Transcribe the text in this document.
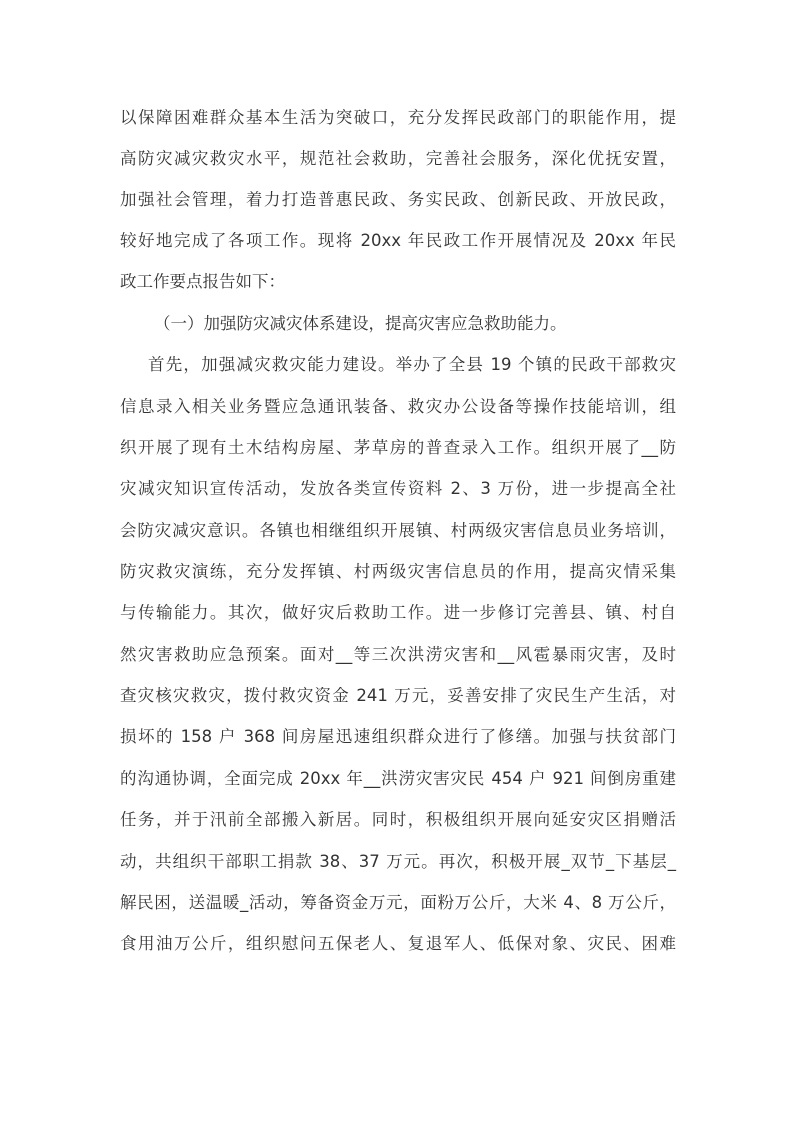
以保障困难群众基本生活为突破口，充分发挥民政部门的职能作用，提
高防灾减灾救灾水平，规范社会救助，完善社会服务，深化优抚安置，
加强社会管理，着力打造普惠民政、务实民政、创新民政、开放民政，
较好地完成了各项工作。现将 20xx 年民政工作开展情况及 20xx 年民
政工作要点报告如下：
（一）加强防灾减灾体系建设，提高灾害应急救助能力。
首先，加强减灾救灾能力建设。举办了全县 19 个镇的民政干部救灾
信息录入相关业务暨应急通讯装备、救灾办公设备等操作技能培训，组
织开展了现有土木结构房屋、茅草房的普查录入工作。组织开展了__防
灾减灾知识宣传活动，发放各类宣传资料 2、3 万份，进一步提高全社
会防灾减灾意识。各镇也相继组织开展镇、村两级灾害信息员业务培训，
防灾救灾演练，充分发挥镇、村两级灾害信息员的作用，提高灾情采集
与传输能力。其次，做好灾后救助工作。进一步修订完善县、镇、村自
然灾害救助应急预案。面对__等三次洪涝灾害和__风雹暴雨灾害，及时
查灾核灾救灾，拨付救灾资金 241 万元，妥善安排了灾民生产生活，对
损坏的 158 户 368 间房屋迅速组织群众进行了修缮。加强与扶贫部门
的沟通协调，全面完成 20xx 年__洪涝灾害灾民 454 户 921 间倒房重建
任务，并于汛前全部搬入新居。同时，积极组织开展向延安灾区捐赠活
动，共组织干部职工捐款 38、37 万元。再次，积极开展_双节_下基层_
解民困，送温暖_活动，筹备资金万元，面粉万公斤，大米 4、8 万公斤，
食用油万公斤，组织慰问五保老人、复退军人、低保对象、灾民、困难
